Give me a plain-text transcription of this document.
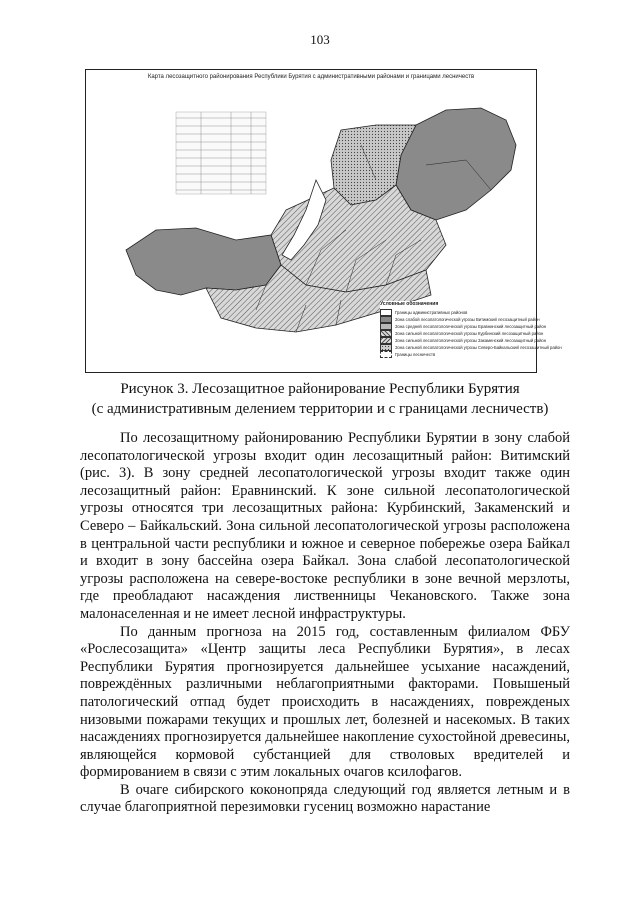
103
Карта лесозащитного районирования Республики Бурятия с административными районами и границами лесничеств
Условные обозначения
Границы административных районов
Зона слабой лесопатологической угрозы Витимский лесозащитный район
Зона средней лесопатологической угрозы Еравнинский лесозащитный район
Зона сильной лесопатологической угрозы Курбинский лесозащитный район
Зона сильной лесопатологической угрозы Закаменский лесозащитный район
Зона сильной лесопатологической угрозы Северо-Байкальский лесозащитный район
Границы лесничеств
Рисунок 3. Лесозащитное районирование Республики Бурятия
(с административным делением территории и с границами лесничеств)

По лесозащитному районированию Республики Бурятии в зону слабой лесопатологической угрозы входит один лесозащитный район: Витимский (рис. 3). В зону средней лесопатологической угрозы входит также один лесозащитный район: Еравнинский. К зоне сильной лесопатологической угрозы относятся три лесозащитных района: Курбинский, Закаменский и Северо – Байкальский. Зона сильной лесопатологической угрозы расположена в центральной части республики и южное и северное побережье озера Байкал и входит в зону бассейна озера Байкал. Зона слабой лесопатологической угрозы расположена на севере-востоке республики в зоне вечной мерзлоты, где преобладают насаждения лиственницы Чекановского. Также зона малонаселенная и не имеет лесной инфраструктуры.

По данным прогноза на 2015 год, составленным филиалом ФБУ «Рослесозащита» «Центр защиты леса Республики Бурятия», в лесах Республики Бурятия прогнозируется дальнейшее усыхание насаждений, повреждённых различными неблагоприятными факторами. Повышеный патологический отпад будет происходить в насаждениях, поврежденых низовыми пожарами текущих и прошлых лет, болезней и насекомых. В таких насаждениях прогнозируется дальнейшее накопление сухостойной древесины, являющейся кормовой субстанцией для стволовых вредителей и формированием в связи с этим локальных очагов ксилофагов.

В очаге сибирского коконопряда следующий год является летным и в случае благоприятной перезимовки гусениц возможно нарастание
